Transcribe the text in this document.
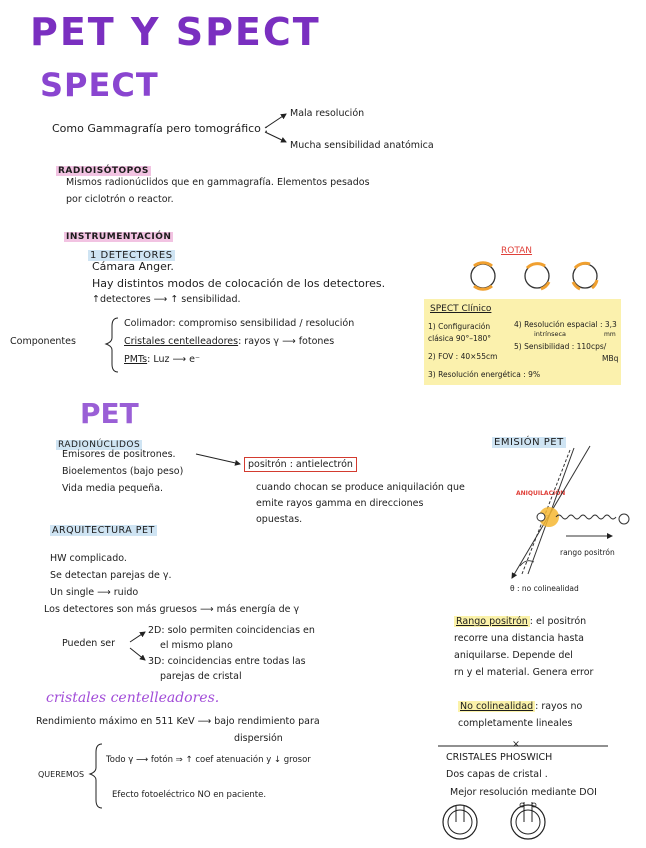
PET Y SPECT
SPECT
Como Gammagrafía pero tomográfico :
Mala resolución
Mucha sensibilidad anatómica
RADIOISÓTOPOS
Mismos radionúclidos que en gammagrafía. Elementos pesados
por ciclotrón o reactor.
INSTRUMENTACIÓN
1 DETECTORES
Cámara Anger.
Hay distintos modos de colocación de los detectores.
↑detectores ⟶ ↑ sensibilidad.
ROTAN
Componentes
Colimador: compromiso sensibilidad / resolución
Cristales centelleadores: rayos γ ⟶ fotones
PMTs: Luz ⟶ e⁻
SPECT Clínico
1) Configuración
clásica 90°–180°
2) FOV : 40×55cm
3) Resolución energética : 9%
4) Resolución espacial : 3,3
mm
intrínseca
5) Sensibilidad : 110cps/
MBq
PET
RADIONÚCLIDOS
Emisores de positrones.
Bioelementos (bajo peso)
Vida media pequeña.
positrón : antielectrón
cuando chocan se produce aniquilación que
emite rayos gamma en direcciones
opuestas.
EMISIÓN PET
ANIQUILACIÓN
rango positrón
θ : no colinealidad
ARQUITECTURA PET
HW complicado.
Se detectan parejas de γ.
Un single ⟶ ruido
Los detectores son más gruesos ⟶ más energía de γ
Pueden ser
2D: solo permiten coincidencias en
el mismo plano
3D: coincidencias entre todas las
parejas de cristal
Rango positrón : el positrón
recorre una distancia hasta
aniquilarse. Depende del
rn y el material. Genera error
No colinealidad : rayos no
completamente lineales
cristales centelleadores.
Rendimiento máximo en 511 KeV ⟶ bajo rendimiento para
dispersión
QUEREMOS
Todo γ ⟶ fotón ⇒ ↑ coef atenuación y ↓ grosor
Efecto fotoeléctrico NO en paciente.
×
CRISTALES PHOSWICH
Dos capas de cristal .
Mejor resolución mediante DOI
